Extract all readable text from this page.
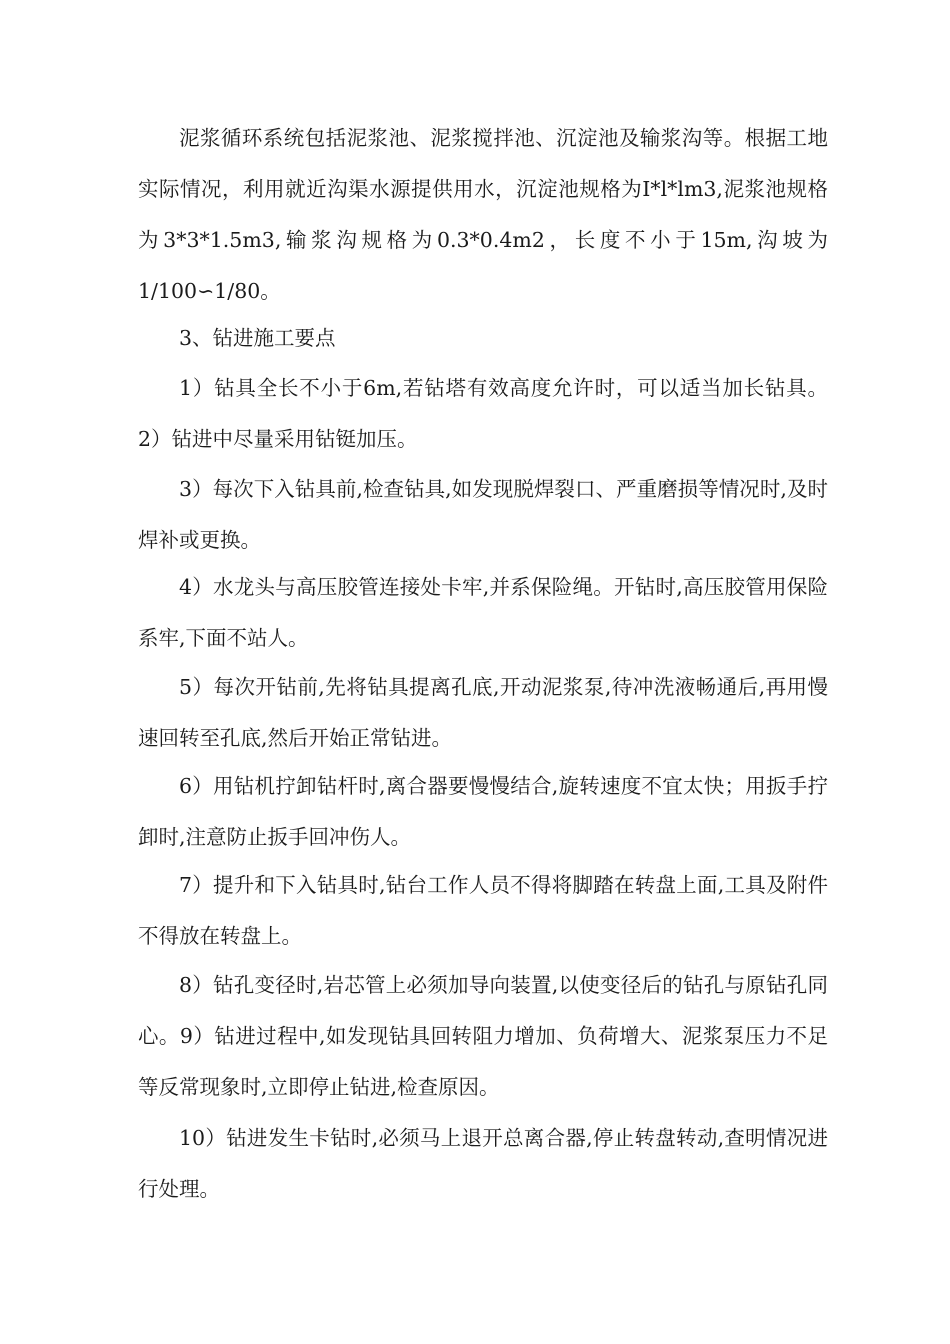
泥浆循环系统包括泥浆池、泥浆搅拌池、沉淀池及输浆沟等。根据工地实际情况，利用就近沟渠水源提供用水，沉淀池规格为I*l*lm3,泥浆池规格为3*3*1.5m3,输浆沟规格为0.3*0.4m2，长度不小于15m,沟坡为1/100∽1/80。

3、钻进施工要点

1）钻具全长不小于6m,若钻塔有效高度允许时，可以适当加长钻具。2）钻进中尽量采用钻铤加压。

3）每次下入钻具前,检查钻具,如发现脱焊裂口、严重磨损等情况时,及时焊补或更换。

4）水龙头与高压胶管连接处卡牢,并系保险绳。开钻时,高压胶管用保险系牢,下面不站人。

5）每次开钻前,先将钻具提离孔底,开动泥浆泵,待冲洗液畅通后,再用慢速回转至孔底,然后开始正常钻进。

6）用钻机拧卸钻杆时,离合器要慢慢结合,旋转速度不宜太快；用扳手拧卸时,注意防止扳手回冲伤人。

7）提升和下入钻具时,钻台工作人员不得将脚踏在转盘上面,工具及附件不得放在转盘上。

8）钻孔变径时,岩芯管上必须加导向装置,以使变径后的钻孔与原钻孔同心。9）钻进过程中,如发现钻具回转阻力增加、负荷增大、泥浆泵压力不足等反常现象时,立即停止钻进,检查原因。

10）钻进发生卡钻时,必须马上退开总离合器,停止转盘转动,查明情况进行处理。
